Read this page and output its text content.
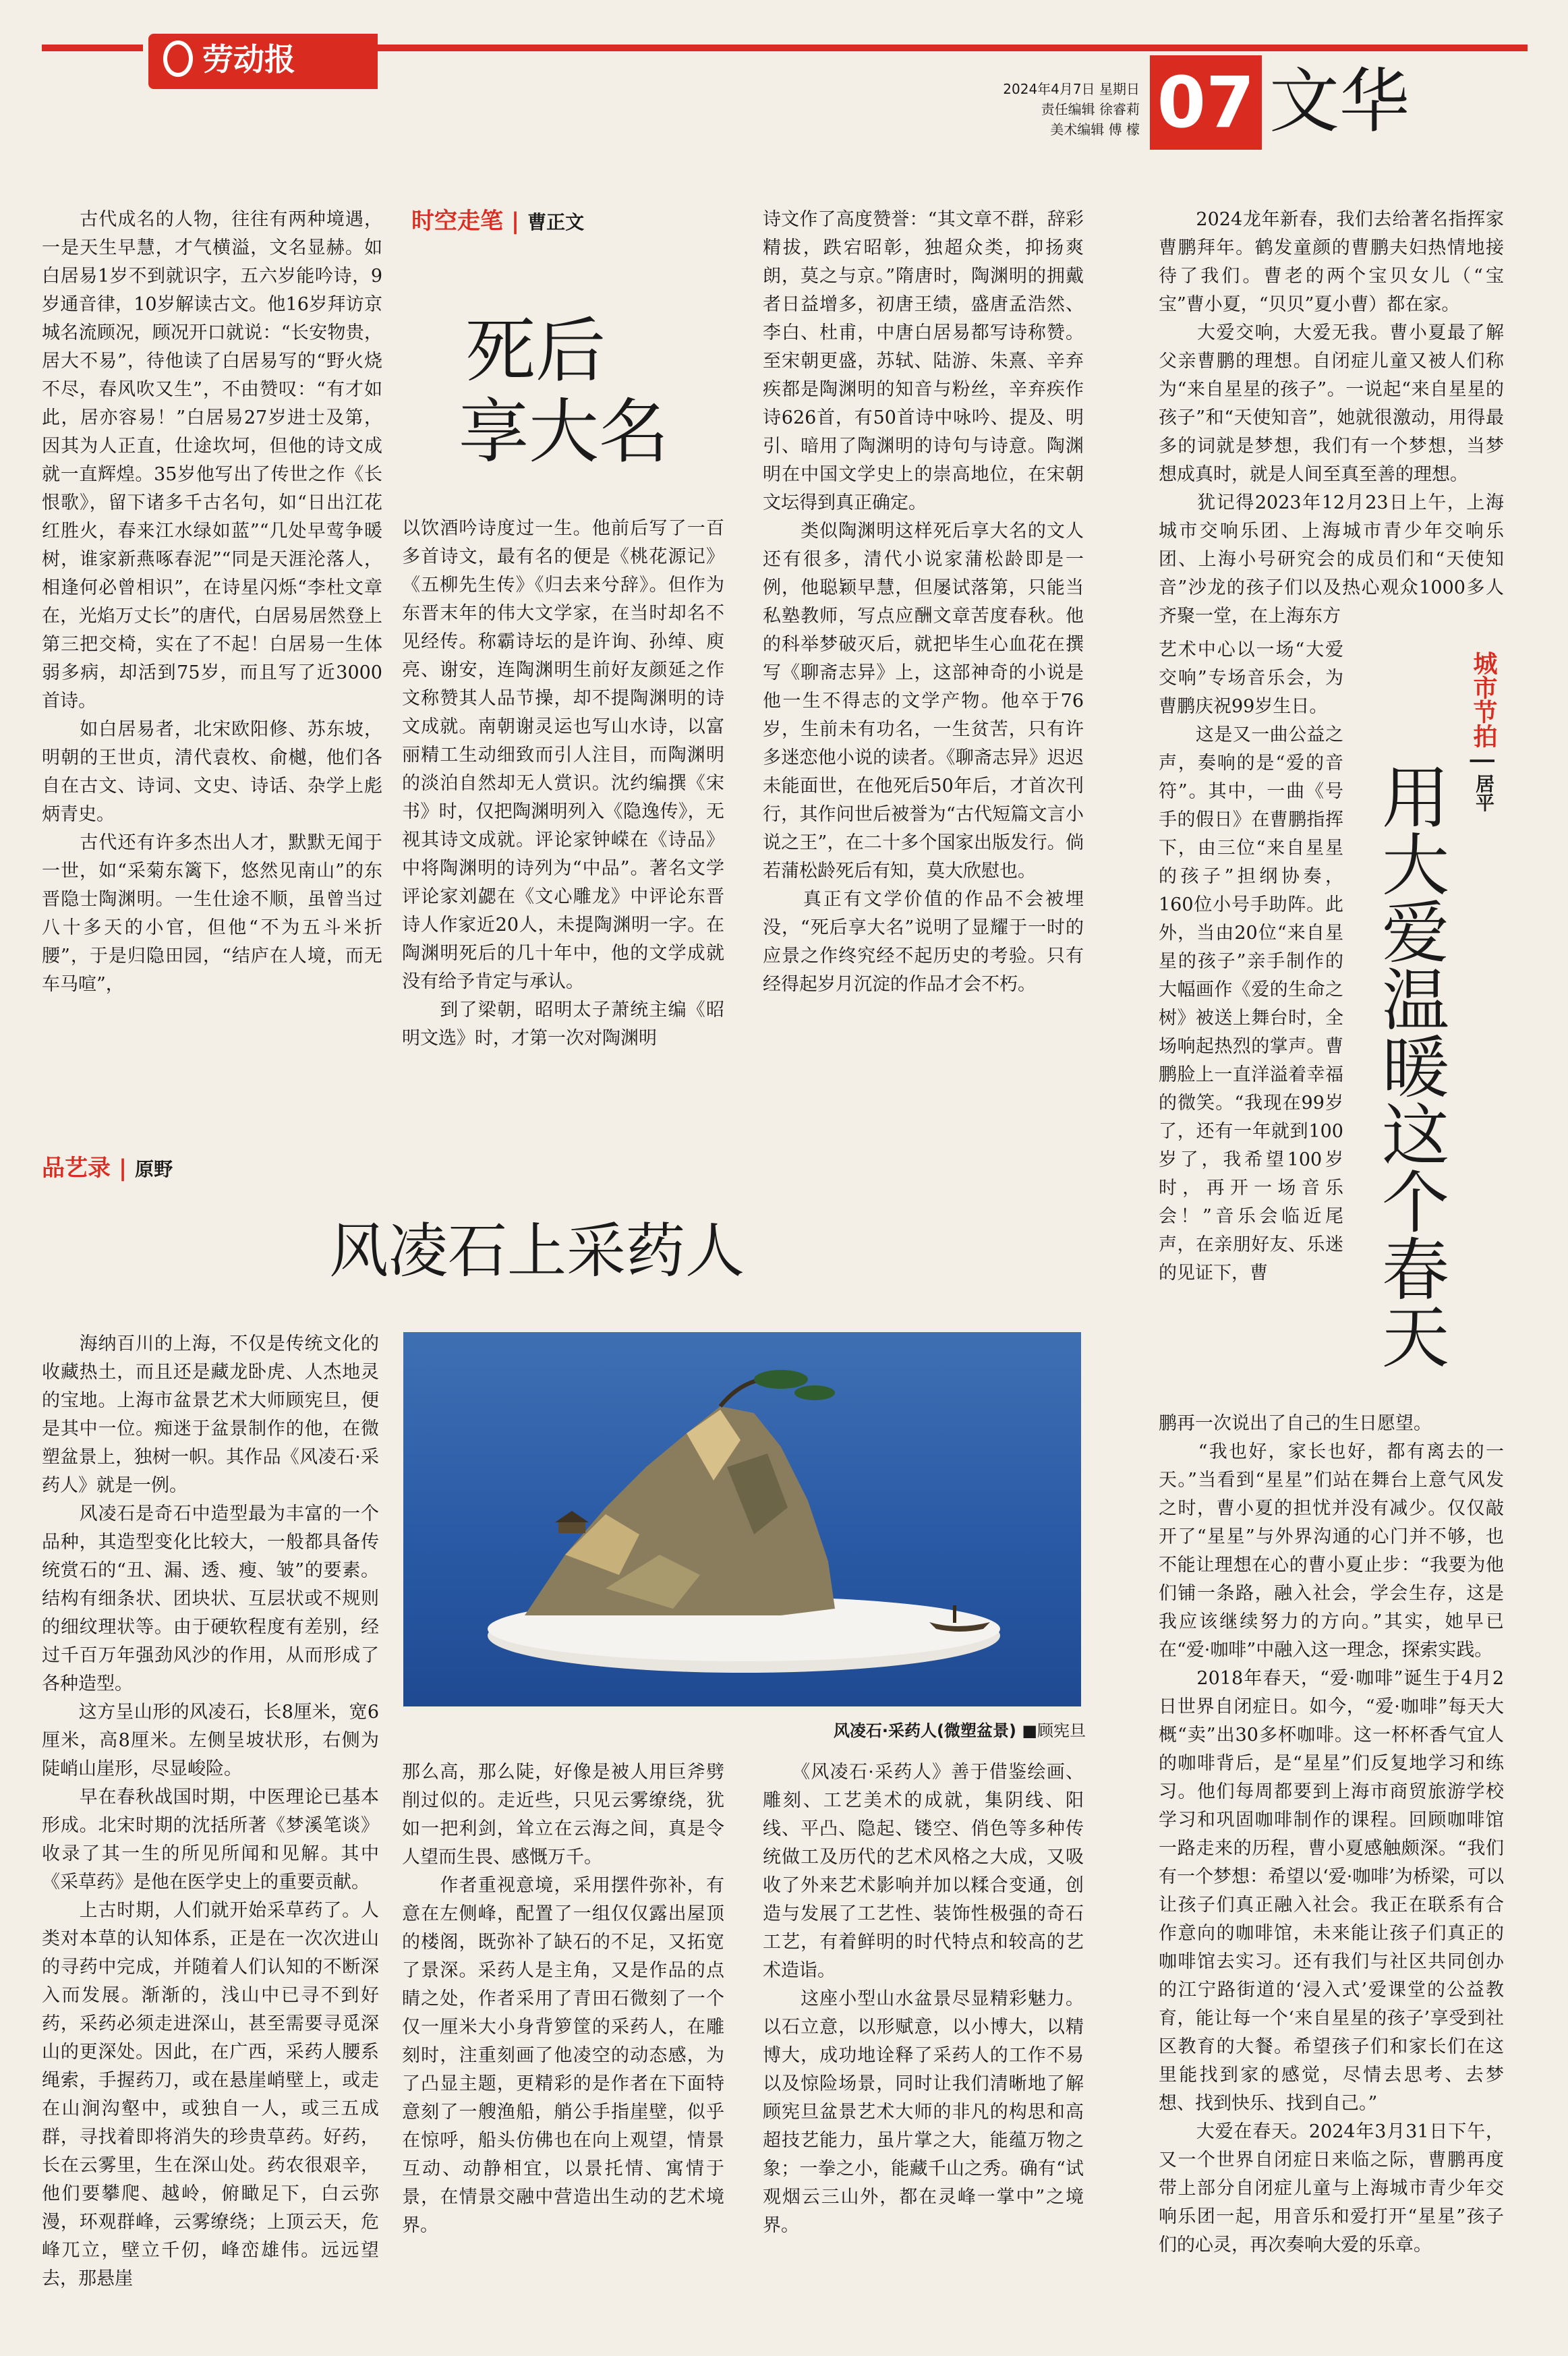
劳动报
2024年4月7日 星期日
责任编辑 徐睿莉
美术编辑 傅 檬 07 文华
　　古代成名的人物，往往有两种境遇，一是天生早慧，才气横溢，文名显赫。如白居易1岁不到就识字，五六岁能吟诗，9岁通音律，10岁解读古文。他16岁拜访京城名流顾况，顾况开口就说：“长安物贵，居大不易”，待他读了白居易写的“野火烧不尽，春风吹又生”，不由赞叹：“有才如此，居亦容易！”白居易27岁进士及第，因其为人正直，仕途坎坷，但他的诗文成就一直辉煌。35岁他写出了传世之作《长恨歌》，留下诸多千古名句，如“日出江花红胜火，春来江水绿如蓝”“几处早莺争暖树，谁家新燕啄春泥”“同是天涯沦落人，相逢何必曾相识”，在诗星闪烁“李杜文章在，光焰万丈长”的唐代，白居易居然登上第三把交椅，实在了不起！白居易一生体弱多病，却活到75岁，而且写了近3000首诗。
　　如白居易者，北宋欧阳修、苏东坡，明朝的王世贞，清代袁枚、俞樾，他们各自在古文、诗词、文史、诗话、杂学上彪炳青史。
　　古代还有许多杰出人才，默默无闻于一世，如“采菊东篱下，悠然见南山”的东晋隐士陶渊明。一生仕途不顺，虽曾当过八十多天的小官，但他“不为五斗米折腰”，于是归隐田园，“结庐在人境，而无车马喧”，
时空走笔 | 曹正文
死后
享大名
以饮酒吟诗度过一生。他前后写了一百多首诗文，最有名的便是《桃花源记》《五柳先生传》《归去来兮辞》。但作为东晋末年的伟大文学家，在当时却名不见经传。称霸诗坛的是许询、孙绰、庾亮、谢安，连陶渊明生前好友颜延之作文称赞其人品节操，却不提陶渊明的诗文成就。南朝谢灵运也写山水诗，以富丽精工生动细致而引人注目，而陶渊明的淡泊自然却无人赏识。沈约编撰《宋书》时，仅把陶渊明列入《隐逸传》，无视其诗文成就。评论家钟嵘在《诗品》中将陶渊明的诗列为“中品”。著名文学评论家刘勰在《文心雕龙》中评论东晋诗人作家近20人，未提陶渊明一字。在陶渊明死后的几十年中，他的文学成就没有给予肯定与承认。
　　到了梁朝，昭明太子萧统主编《昭明文选》时，才第一次对陶渊明
诗文作了高度赞誉：“其文章不群，辞彩精拔，跌宕昭彰，独超众类，抑扬爽朗，莫之与京。”隋唐时，陶渊明的拥戴者日益增多，初唐王绩，盛唐孟浩然、李白、杜甫，中唐白居易都写诗称赞。至宋朝更盛，苏轼、陆游、朱熹、辛弃疾都是陶渊明的知音与粉丝，辛弃疾作诗626首，有50首诗中咏吟、提及、明引、暗用了陶渊明的诗句与诗意。陶渊明在中国文学史上的崇高地位，在宋朝文坛得到真正确定。
　　类似陶渊明这样死后享大名的文人还有很多，清代小说家蒲松龄即是一例，他聪颖早慧，但屡试落第，只能当私塾教师，写点应酬文章苦度春秋。他的科举梦破灭后，就把毕生心血花在撰写《聊斋志异》上，这部神奇的小说是他一生不得志的文学产物。他卒于76岁，生前未有功名，一生贫苦，只有许多迷恋他小说的读者。《聊斋志异》迟迟未能面世，在他死后50年后，才首次刊行，其作问世后被誉为“古代短篇文言小说之王”，在二十多个国家出版发行。倘若蒲松龄死后有知，莫大欣慰也。
　　真正有文学价值的作品不会被埋没，“死后享大名”说明了显耀于一时的应景之作终究经不起历史的考验。只有经得起岁月沉淀的作品才会不朽。
品艺录 | 原野
风凌石上采药人
风凌石·采药人(微塑盆景) ■顾宪旦
　　海纳百川的上海，不仅是传统文化的收藏热土，而且还是藏龙卧虎、人杰地灵的宝地。上海市盆景艺术大师顾宪旦，便是其中一位。痴迷于盆景制作的他，在微塑盆景上，独树一帜。其作品《风凌石·采药人》就是一例。
　　风凌石是奇石中造型最为丰富的一个品种，其造型变化比较大，一般都具备传统赏石的“丑、漏、透、瘦、皱”的要素。结构有细条状、团块状、互层状或不规则的细纹理状等。由于硬软程度有差别，经过千百万年强劲风沙的作用，从而形成了各种造型。
　　这方呈山形的风凌石，长8厘米，宽6厘米，高8厘米。左侧呈坡状形，右侧为陡峭山崖形，尽显峻险。
　　早在春秋战国时期，中医理论已基本形成。北宋时期的沈括所著《梦溪笔谈》收录了其一生的所见所闻和见解。其中《采草药》是他在医学史上的重要贡献。
　　上古时期，人们就开始采草药了。人类对本草的认知体系，正是在一次次进山的寻药中完成，并随着人们认知的不断深入而发展。渐渐的，浅山中已寻不到好药，采药必须走进深山，甚至需要寻觅深山的更深处。因此，在广西，采药人腰系绳索，手握药刀，或在悬崖峭壁上，或走在山涧沟壑中，或独自一人，或三五成群，寻找着即将消失的珍贵草药。好药，长在云雾里，生在深山处。药农很艰辛，他们要攀爬、越岭，俯瞰足下，白云弥漫，环观群峰，云雾缭绕；上顶云天，危峰兀立，壁立千仞，峰峦雄伟。远远望去，那悬崖
那么高，那么陡，好像是被人用巨斧劈削过似的。走近些，只见云雾缭绕，犹如一把利剑，耸立在云海之间，真是令人望而生畏、感慨万千。
　　作者重视意境，采用摆件弥补，有意在左侧峰，配置了一组仅仅露出屋顶的楼阁，既弥补了缺石的不足，又拓宽了景深。采药人是主角，又是作品的点睛之处，作者采用了青田石微刻了一个仅一厘米大小身背箩筐的采药人，在雕刻时，注重刻画了他凌空的动态感，为了凸显主题，更精彩的是作者在下面特意刻了一艘渔船，艄公手指崖壁，似乎在惊呼，船头仿佛也在向上观望，情景互动、动静相宜，以景托情、寓情于景，在情景交融中营造出生动的艺术境界。
　　《风凌石·采药人》善于借鉴绘画、雕刻、工艺美术的成就，集阴线、阳线、平凸、隐起、镂空、俏色等多种传统做工及历代的艺术风格之大成，又吸收了外来艺术影响并加以糅合变通，创造与发展了工艺性、装饰性极强的奇石工艺，有着鲜明的时代特点和较高的艺术造诣。
　　这座小型山水盆景尽显精彩魅力。以石立意，以形赋意，以小博大，以精博大，成功地诠释了采药人的工作不易以及惊险场景，同时让我们清晰地了解顾宪旦盆景艺术大师的非凡的构思和高超技艺能力，虽片掌之大，能蕴万物之象；一拳之小，能藏千山之秀。确有“试观烟云三山外，都在灵峰一掌中”之境界。
　　2024龙年新春，我们去给著名指挥家曹鹏拜年。鹤发童颜的曹鹏夫妇热情地接待了我们。曹老的两个宝贝女儿（“宝宝”曹小夏，“贝贝”夏小曹）都在家。
　　大爱交响，大爱无我。曹小夏最了解父亲曹鹏的理想。自闭症儿童又被人们称为“来自星星的孩子”。一说起“来自星星的孩子”和“天使知音”，她就很激动，用得最多的词就是梦想，我们有一个梦想，当梦想成真时，就是人间至真至善的理想。
　　犹记得2023年12月23日上午，上海城市交响乐团、上海城市青少年交响乐团、上海小号研究会的成员们和“天使知音”沙龙的孩子们以及热心观众1000多人齐聚一堂，在上海东方
艺术中心以一场“大爱交响”专场音乐会，为曹鹏庆祝99岁生日。
　　这是又一曲公益之声，奏响的是“爱的音符”。其中，一曲《号手的假日》在曹鹏指挥下，由三位“来自星星的孩子”担纲协奏，160位小号手助阵。此外，当由20位“来自星星的孩子”亲手制作的大幅画作《爱的生命之树》被送上舞台时，全场响起热烈的掌声。曹鹏脸上一直洋溢着幸福的微笑。“我现在99岁了，还有一年就到100岁了，我希望100岁时，再开一场音乐会！”音乐会临近尾声，在亲朋好友、乐迷的见证下，曹
城市节拍 | 居平
用大爱温暖这个春天
鹏再一次说出了自己的生日愿望。
　　“我也好，家长也好，都有离去的一天。”当看到“星星”们站在舞台上意气风发之时，曹小夏的担忧并没有减少。仅仅敲开了“星星”与外界沟通的心门并不够，也不能让理想在心的曹小夏止步：“我要为他们铺一条路，融入社会，学会生存，这是我应该继续努力的方向。”其实，她早已在“爱·咖啡”中融入这一理念，探索实践。
　　2018年春天，“爱·咖啡”诞生于4月2日世界自闭症日。如今，“爱·咖啡”每天大概“卖”出30多杯咖啡。这一杯杯香气宜人的咖啡背后，是“星星”们反复地学习和练习。他们每周都要到上海市商贸旅游学校学习和巩固咖啡制作的课程。回顾咖啡馆一路走来的历程，曹小夏感触颇深。“我们有一个梦想：希望以‘爱·咖啡’为桥梁，可以让孩子们真正融入社会。我正在联系有合作意向的咖啡馆，未来能让孩子们真正的咖啡馆去实习。还有我们与社区共同创办的江宁路街道的‘浸入式’爱课堂的公益教育，能让每一个‘来自星星的孩子’享受到社区教育的大餐。希望孩子们和家长们在这里能找到家的感觉，尽情去思考、去梦想、找到快乐、找到自己。”
　　大爱在春天。2024年3月31日下午，又一个世界自闭症日来临之际，曹鹏再度带上部分自闭症儿童与上海城市青少年交响乐团一起，用音乐和爱打开“星星”孩子们的心灵，再次奏响大爱的乐章。
